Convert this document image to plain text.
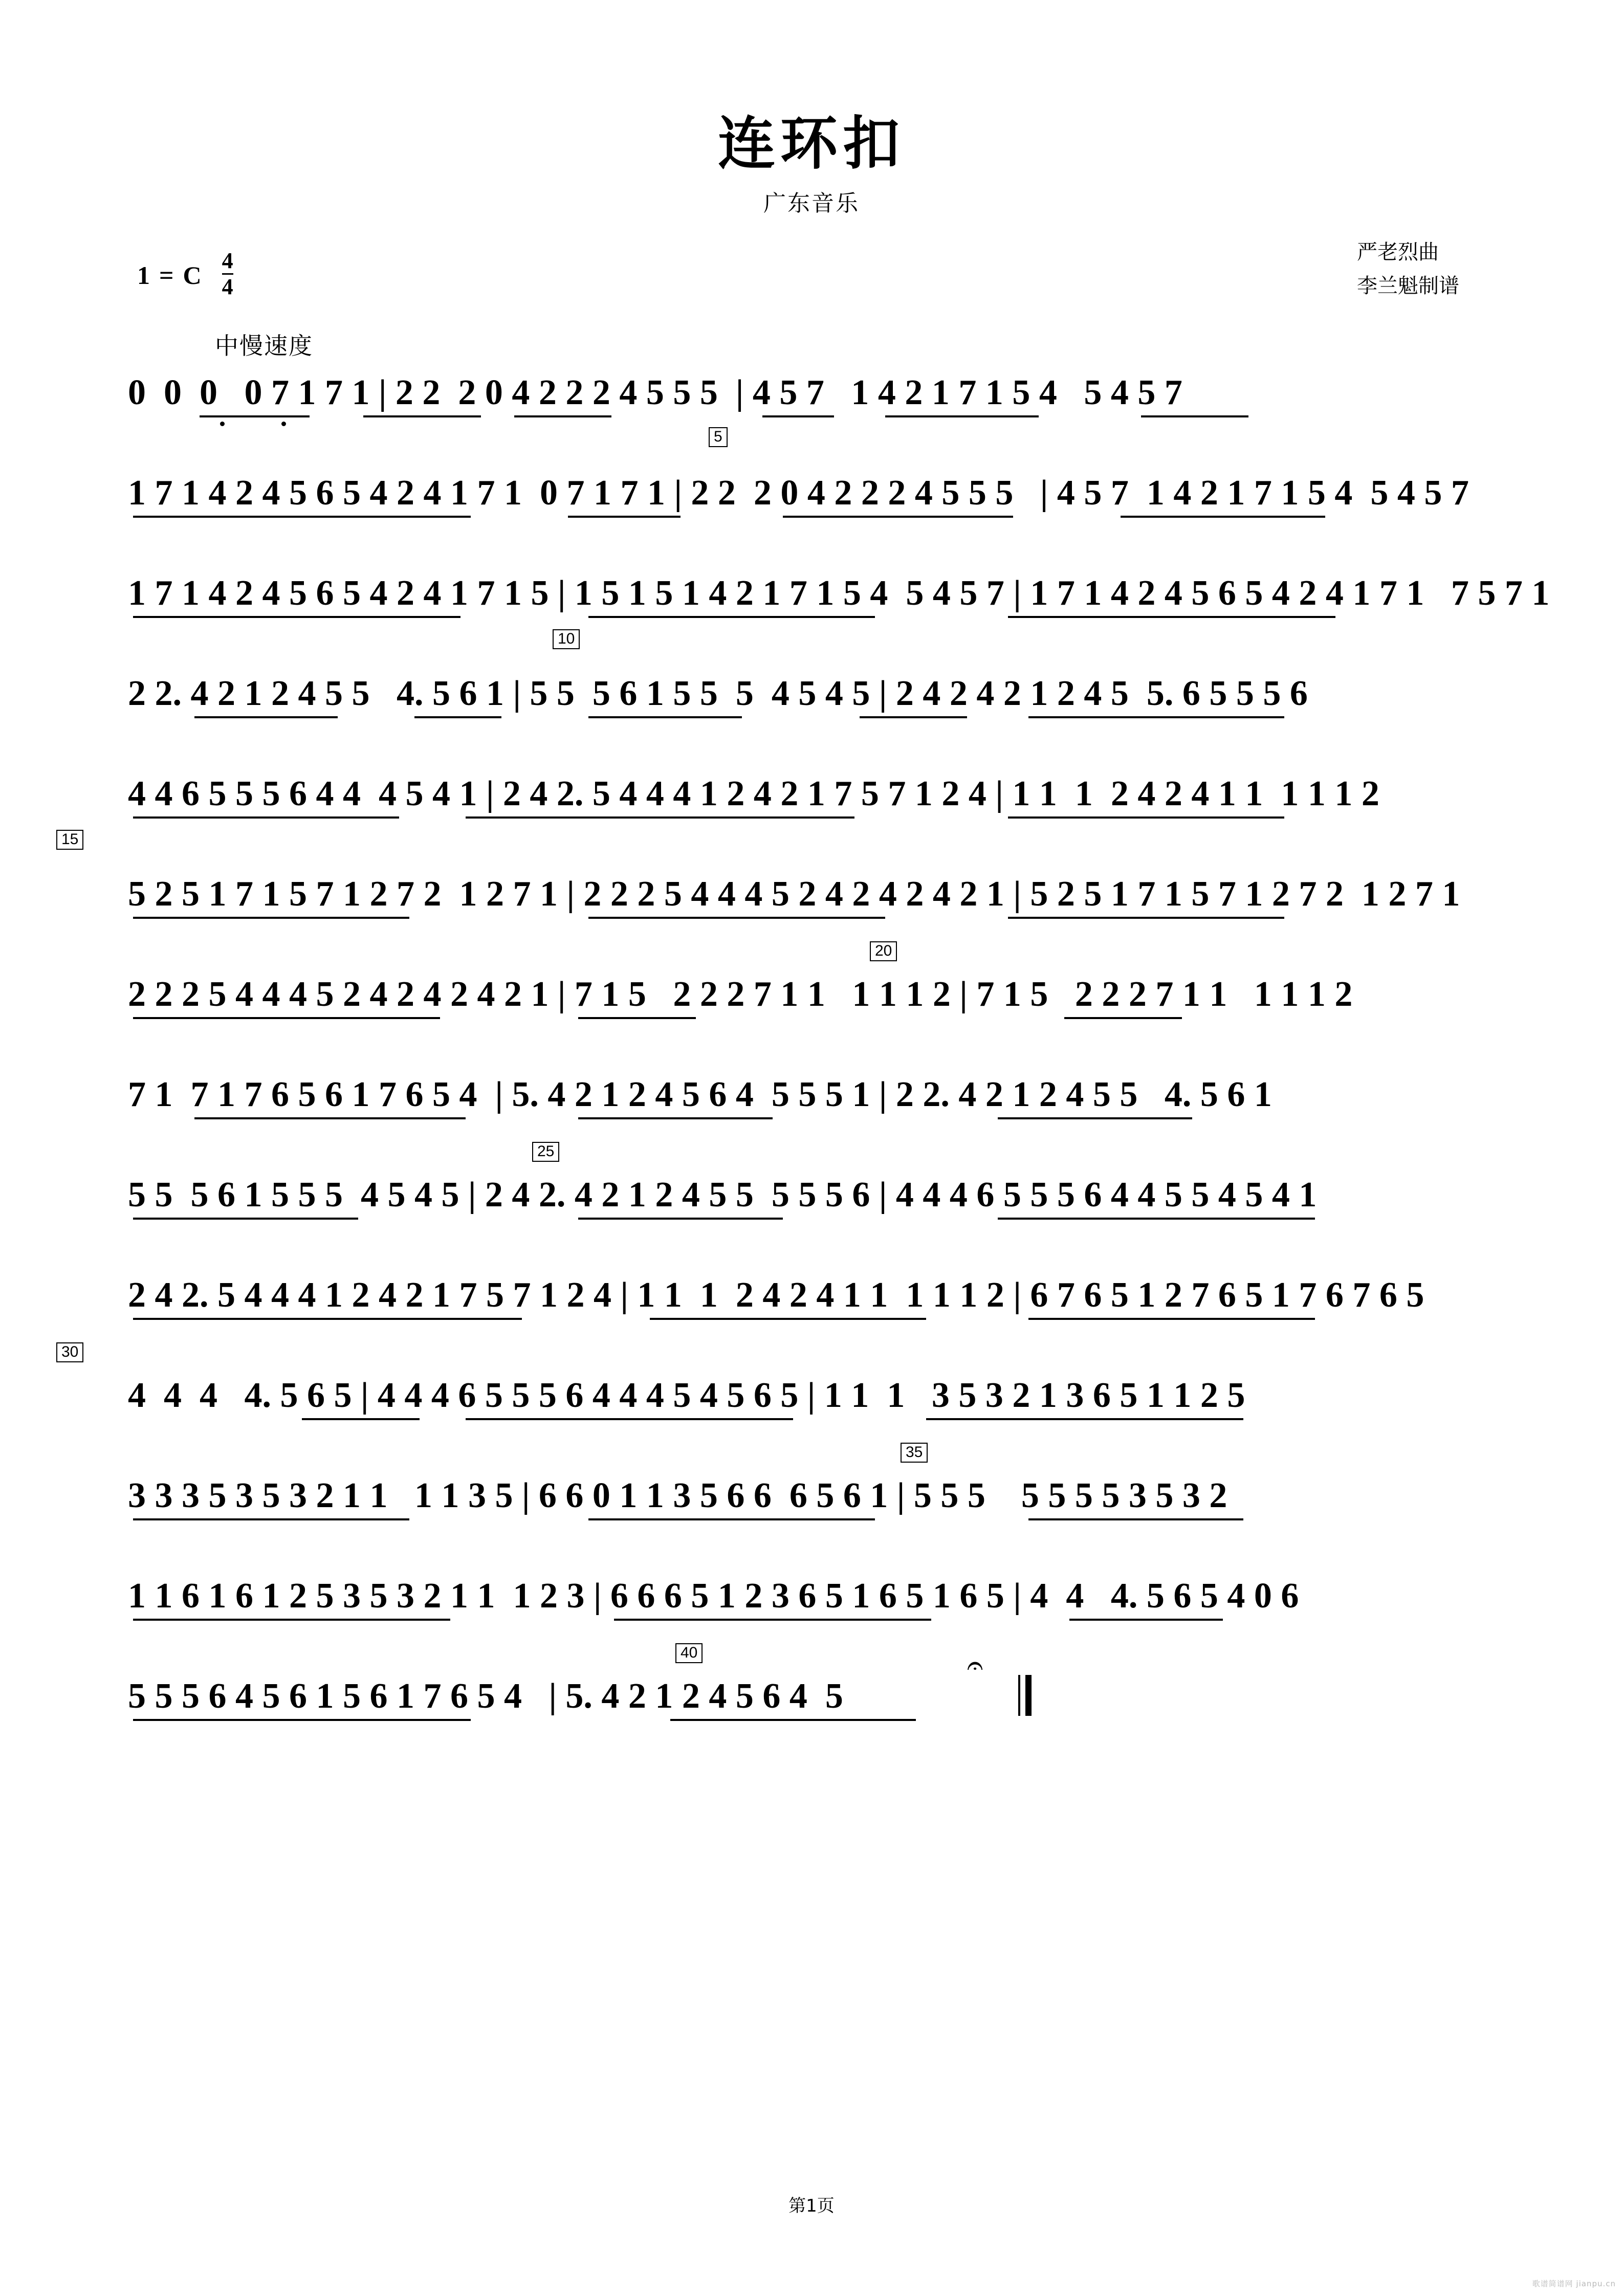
连环扣
广东音乐
严老烈曲
李兰魁制谱
1 = C $\frac{4}{4}$
中慢速度
0  0  0   0 7 1 7 1 | 2 2  2 0 4 2 2 2 4 5 5 5  | 4 5 7   1 4 2 1 7 1 5 4   5 4 5 7
5
1 7 1 4 2 4 5 6 5 4 2 4 1 7 1  0 7 1 7 1 | 2 2  2 0 4 2 2 2 4 5 5 5   | 4 5 7  1 4 2 1 7 1 5 4  5 4 5 7
1 7 1 4 2 4 5 6 5 4 2 4 1 7 1 5 | 1 5 1 5 1 4 2 1 7 1 5 4  5 4 5 7 | 1 7 1 4 2 4 5 6 5 4 2 4 1 7 1   7 5 7 1
10
2 2. 4 2 1 2 4 5 5   4. 5 6 1 | 5 5  5 6 1 5 5  5  4 5 4 5 | 2 4 2 4 2 1 2 4 5  5. 6 5 5 5 6
4 4 6 5 5 5 6 4 4  4 5 4 1 | 2 4 2. 5 4 4 4 1 2 4 2 1 7 5 7 1 2 4 | 1 1  1  2 4 2 4 1 1  1 1 1 2
15
5 2 5 1 7 1 5 7 1 2 7 2  1 2 7 1 | 2 2 2 5 4 4 4 5 2 4 2 4 2 4 2 1 | 5 2 5 1 7 1 5 7 1 2 7 2  1 2 7 1
2 2 2 5 4 4 4 5 2 4 2 4 2 4 2 1 | 7 1 5   2 2 2 7 1 1   1 1 1 2 | 7 1 5   2 2 2 7 1 1   1 1 1 2
20
7 1  7 1 7 6 5 6 1 7 6 5 4  | 5. 4 2 1 2 4 5 6 4  5 5 5 1 | 2 2. 4 2 1 2 4 5 5   4. 5 6 1
5 5  5 6 1 5 5 5  4 5 4 5 | 2 4 2. 4 2 1 2 4 5 5  5 5 5 6 | 4 4 4 6 5 5 5 6 4 4 5 5 4 5 4 1
25
2 4 2. 5 4 4 4 1 2 4 2 1 7 5 7 1 2 4 | 1 1  1  2 4 2 4 1 1  1 1 1 2 | 6 7 6 5 1 2 7 6 5 1 7 6 7 6 5
4  4  4   4. 5 6 5 | 4 4 4 6 5 5 5 6 4 4 4 5 4 5 6 5 | 1 1  1   3 5 3 2 1 3 6 5 1 1 2 5
30
3 3 3 5 3 5 3 2 1 1   1 1 3 5 | 6 6 0 1 1 3 5 6 6  6 5 6 1 | 5 5 5    5 5 5 5 3 5 3 2
35
1 1 6 1 6 1 2 5 3 5 3 2 1 1  1 2 3 | 6 6 6 5 1 2 3 6 5 1 6 5 1 6 5 | 4  4   4. 5 6 5 4 0 6
5 5 5 6 4 5 6 1 5 6 1 7 6 5 4   | 5. 4 2 1 2 4 5 6 4  5
40	𝄐
第1页
歌谱简谱网 jianpu.cn
